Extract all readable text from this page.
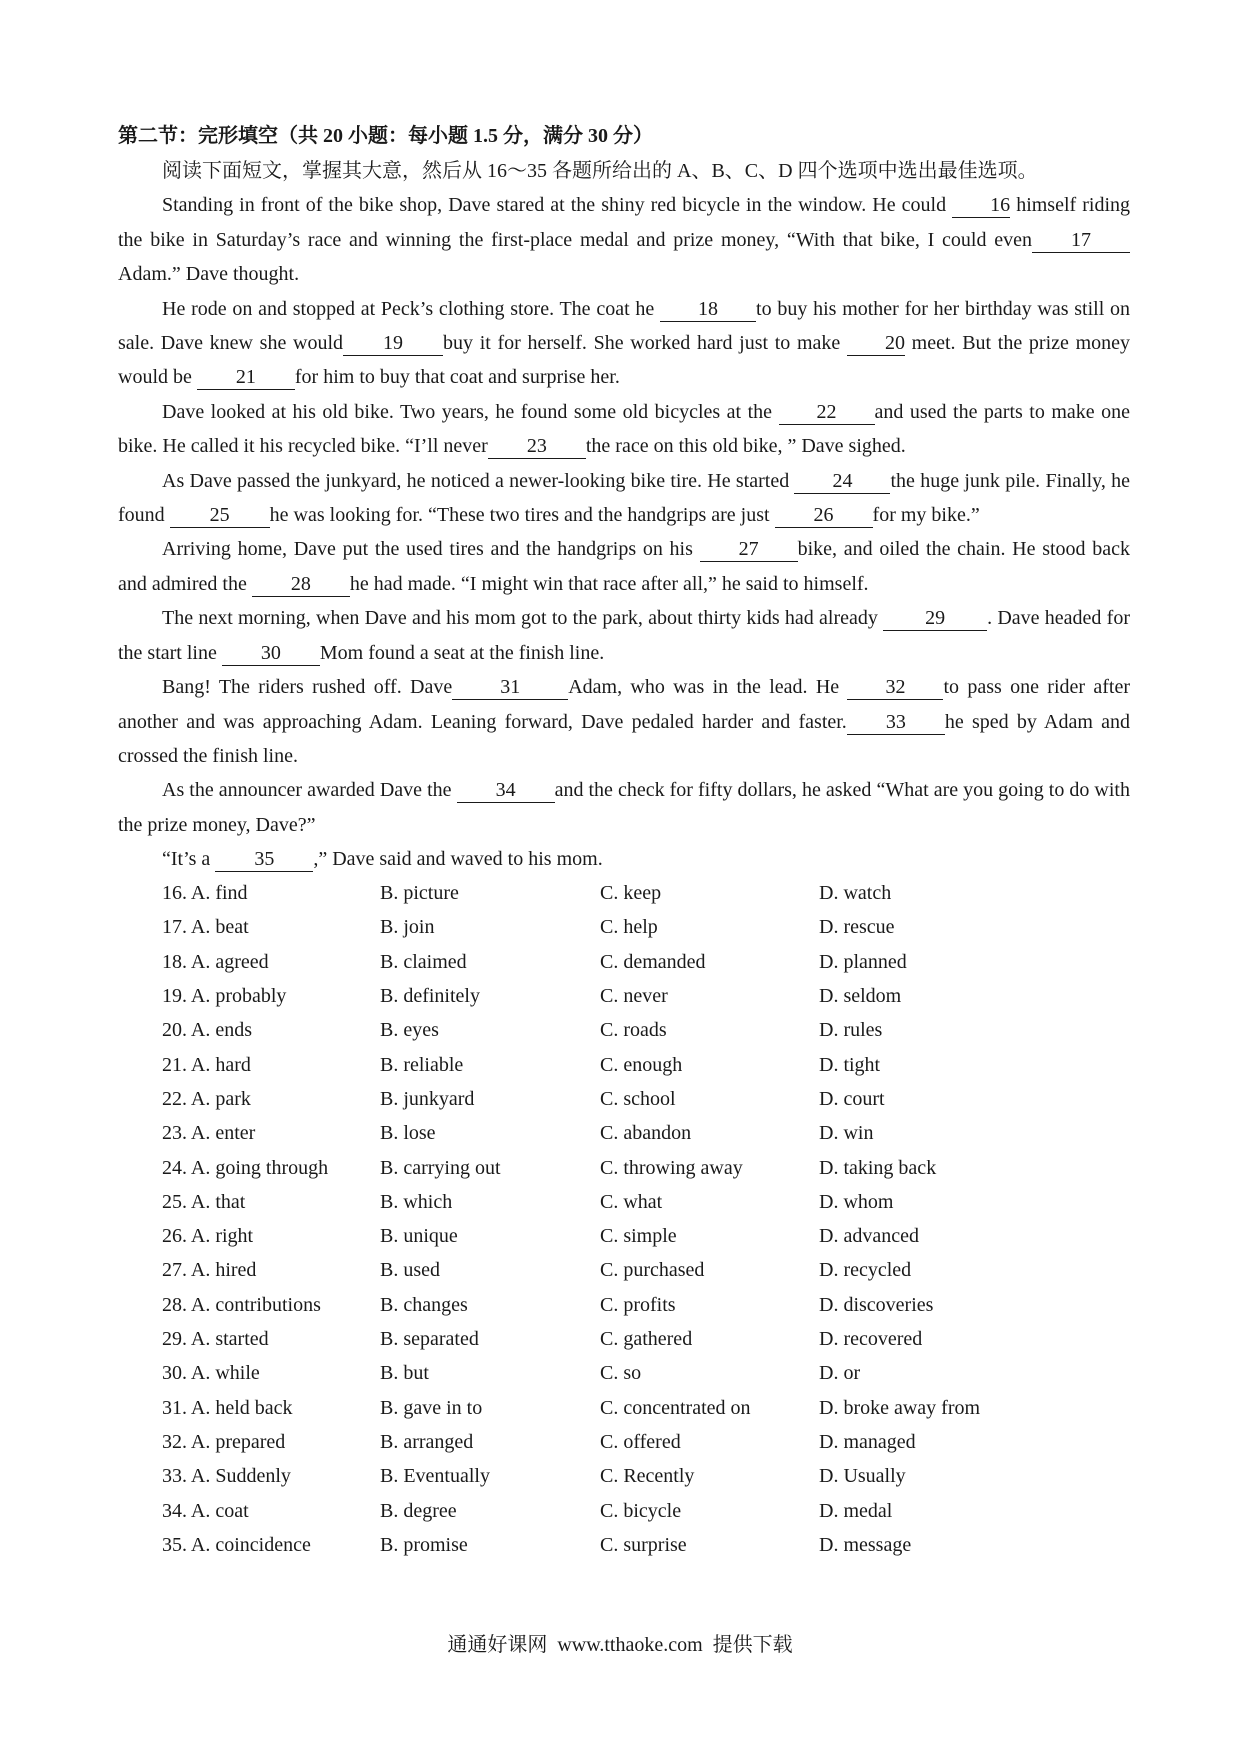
第二节：完形填空（共 20 小题：每小题 1.5 分，满分 30 分）

阅读下面短文，掌握其大意，然后从 16～35 各题所给出的 A、B、C、D 四个选项中选出最佳选项。

Standing in front of the bike shop, Dave stared at the shiny red bicycle in the window. He could 16 himself riding the bike in Saturday’s race and winning the first-place medal and prize money, “With that bike, I could even 17Adam.” Dave thought.

He rode on and stopped at Peck’s clothing store. The coat he 18 to buy his mother for her birthday was still on sale. Dave knew she would 19 buy it for herself. She worked hard just to make 20 meet. But the prize money would be 21 for him to buy that coat and surprise her.

Dave looked at his old bike. Two years, he found some old bicycles at the 22 and used the parts to make one bike. He called it his recycled bike. “I’ll never 23 the race on this old bike, ” Dave sighed.

As Dave passed the junkyard, he noticed a newer-looking bike tire. He started 24 the huge junk pile. Finally, he found 25 he was looking for. “These two tires and the handgrips are just 26 for my bike.”

Arriving home, Dave put the used tires and the handgrips on his 27 bike, and oiled the chain. He stood back and admired the 28 he had made. “I might win that race after all,” he said to himself.

The next morning, when Dave and his mom got to the park, about thirty kids had already 29 . Dave headed for the start line 30 Mom found a seat at the finish line.

Bang! The riders rushed off. Dave 31 Adam, who was in the lead. He 32 to pass one rider after another and was approaching Adam. Leaning forward, Dave pedaled harder and faster. 33 he sped by Adam and crossed the finish line.

As the announcer awarded Dave the 34 and the check for fifty dollars, he asked “What are you going to do with the prize money, Dave?”

“It’s a 35 ,” Dave said and waved to his mom.

16. A. find	B. picture	C. keep	D. watch
17. A. beat	B. join	C. help	D. rescue
18. A. agreed	B. claimed	C. demanded	D. planned
19. A. probably	B. definitely	C. never	D. seldom
20. A. ends	B. eyes	C. roads	D. rules
21. A. hard	B. reliable	C. enough	D. tight
22. A. park	B. junkyard	C. school	D. court
23. A. enter	B. lose	C. abandon	D. win
24. A. going through	B. carrying out	C. throwing away	D. taking back
25. A. that	B. which	C. what	D. whom
26. A. right	B. unique	C. simple	D. advanced
27. A. hired	B. used	C. purchased	D. recycled
28. A. contributions	B. changes	C. profits	D. discoveries
29. A. started	B. separated	C. gathered	D. recovered
30. A. while	B. but	C. so	D. or
31. A. held back	B. gave in to	C. concentrated on	D. broke away from
32. A. prepared	B. arranged	C. offered	D. managed
33. A. Suddenly	B. Eventually	C. Recently	D. Usually
34. A. coat	B. degree	C. bicycle	D. medal
35. A. coincidence	B. promise	C. surprise	D. message
通通好课网 www.tthaoke.com 提供下载
